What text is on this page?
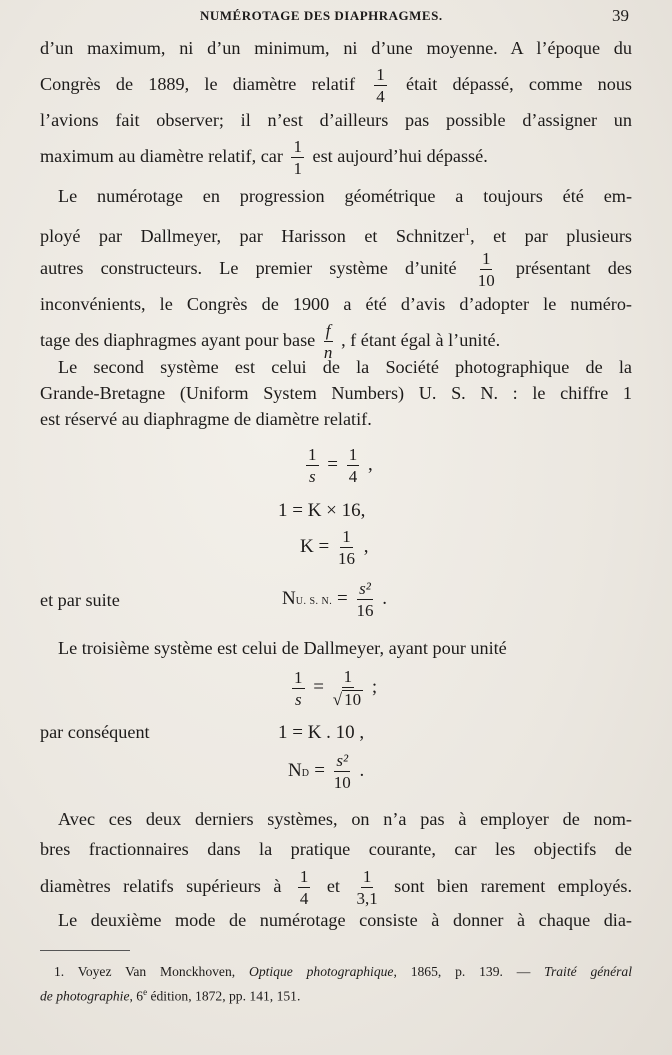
NUMÉROTAGE DES DIAPHRAGMES.	39
d’un maximum, ni d’un minimum, ni d’une moyenne. A l’époque du
Congrès de 1889, le diamètre relatif $\frac{1}{4}$ était dépassé, comme nous
l’avions fait observer; il n’est d’ailleurs pas possible d’assigner un
maximum au diamètre relatif, car $\frac{1}{1}$ est aujourd’hui dépassé.
Le numérotage en progression géométrique a toujours été em-
ployé par Dallmeyer, par Harisson et Schnitzer$^1$, et par plusieurs
autres constructeurs. Le premier système d’unité $\frac{1}{10}$ présentant des
inconvénients, le Congrès de 1900 a été d’avis d’adopter le numéro-
tage des diaphragmes ayant pour base $\frac{f}{n}$ , f étant égal à l’unité.
Le second système est celui de la Société photographique de la
Grande-Bretagne (Uniform System Numbers) U. S. N. : le chiffre 1
est réservé au diaphragme de diamètre relatif.
$\frac{1}{s} = \frac{1}{4}$ ,
1 = K × 16,
$K = \frac{1}{16}$ ,
et par suite	NU. S. N. = $\frac{\text{s²}}{16}$ .
Le troisième système est celui de Dallmeyer, ayant pour unité
$\frac{1}{s} = \frac{1}{√ 10}$ ;
par conséquent	1 = K . 10 ,
ND = $\frac{\text{s²}}{10}$ .
Avec ces deux derniers systèmes, on n’a pas à employer de nom-
bres fractionnaires dans la pratique courante, car les objectifs de
diamètres relatifs supérieurs à $\frac{1}{4}$ et $\frac{1}{3,1}$ sont bien rarement employés.
Le deuxième mode de numérotage consiste à donner à chaque dia-
1. Voyez Van Monckhoven, Optique photographique, 1865, p. 139. — Traité général
de photographie, 6e édition, 1872, pp. 141, 151.
